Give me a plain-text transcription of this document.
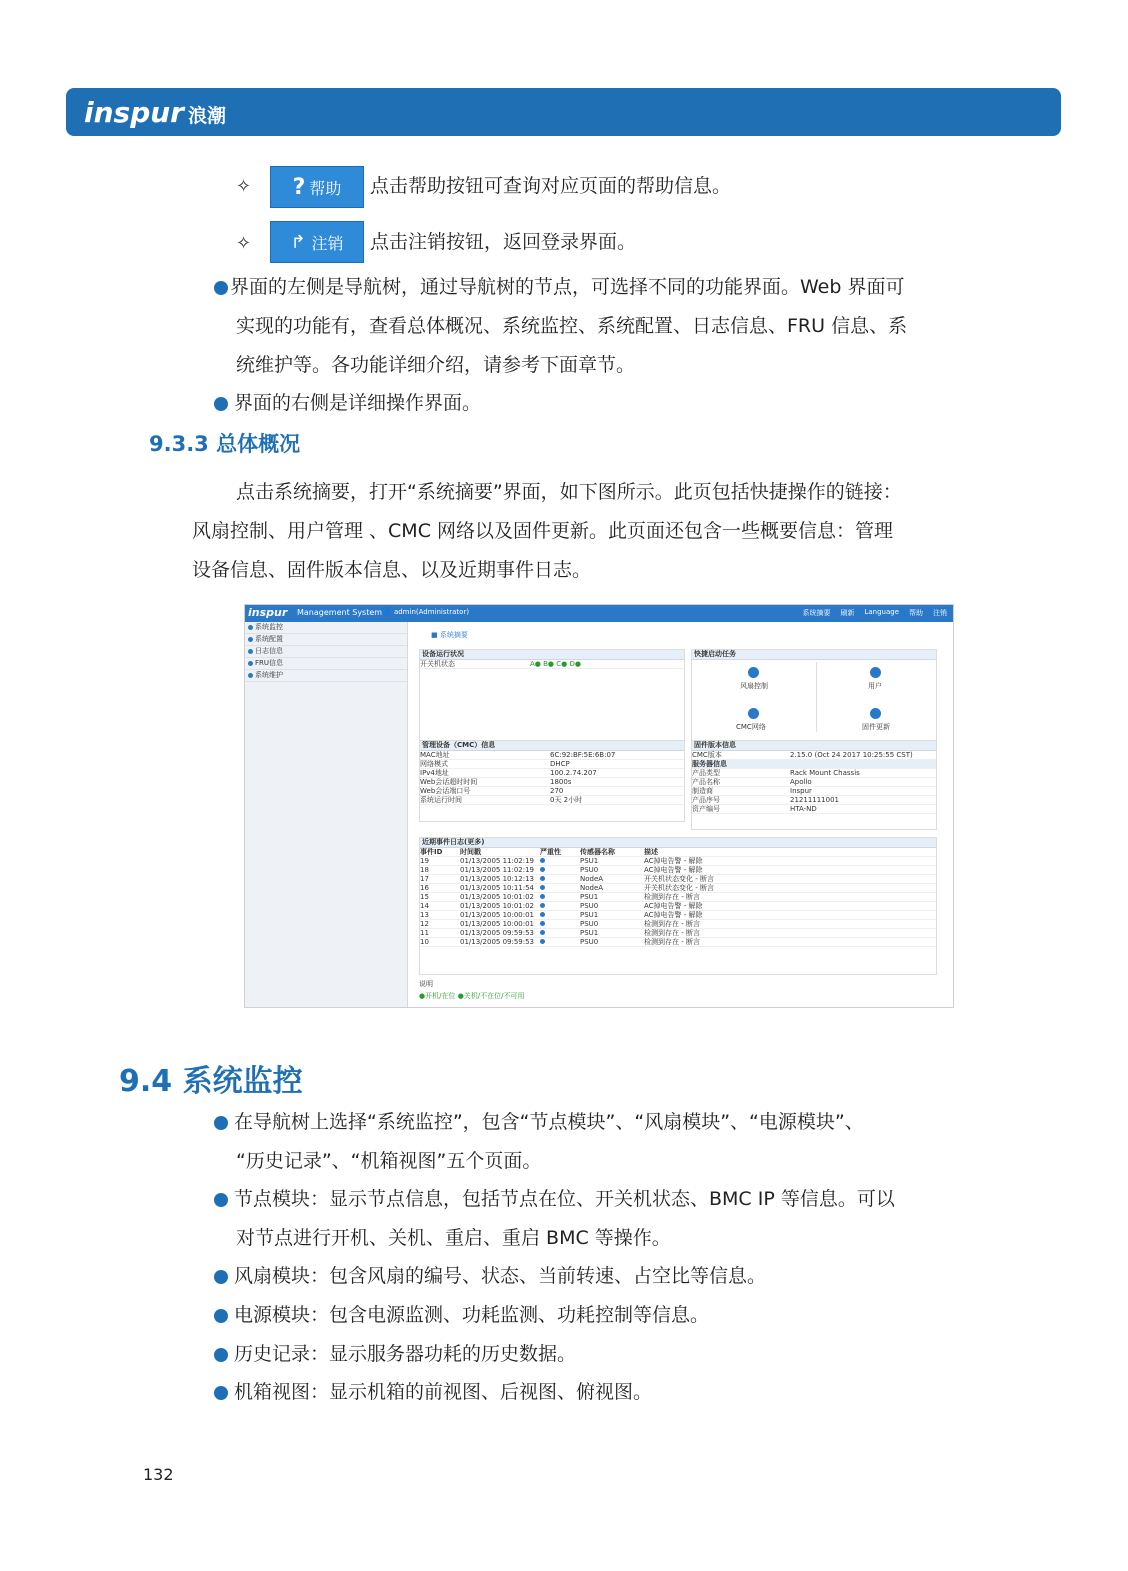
inspur 浪潮
✧ ? 帮助 点击帮助按钮可查询对应页面的帮助信息。
✧ ↱ 注销 点击注销按钮，返回登录界面。
界面的左侧是导航树，通过导航树的节点，可选择不同的功能界面。Web 界面可
实现的功能有，查看总体概况、系统监控、系统配置、日志信息、FRU 信息、系
统维护等。各功能详细介绍，请参考下面章节。
界面的右侧是详细操作界面。
9.3.3 总体概况
点击系统摘要，打开“系统摘要”界面，如下图所示。此页包括快捷操作的链接：
风扇控制、用户管理 、CMC 网络以及固件更新。此页面还包含一些概要信息：管理
设备信息、固件版本信息、以及近期事件日志。
inspur Management System 👤 admin(Administrator)	系统摘要 刷新 Language 帮助 注销
系统监控
系统配置
日志信息
FRU信息
系统维护
■ 系统摘要
设备运行状况
开关机状态	A● B● C● D●
快捷启动任务
风扇控制	用户
CMC网络	固件更新
管理设备（CMC）信息
MAC地址	6C:92:BF:5E:6B:07
网络模式	DHCP
IPv4地址	100.2.74.207
Web会话超时时间	1800s
Web会话端口号	270
系统运行时间	0天 2小时
固件版本信息
CMC版本	2.15.0 (Oct 24 2017 10:25:55 CST)
服务器信息
产品类型	Rack Mount Chassis
产品名称	Apollo
制造商	Inspur
产品序号	21211111001
资产编号	HTA-ND
近期事件日志(更多)
事件ID	时间戳	严重性	传感器名称	描述
19	01/13/2005 11:02:19	PSU1	AC掉电告警 - 解除
18	01/13/2005 11:02:19	PSU0	AC掉电告警 - 解除
17	01/13/2005 10:12:13	NodeA	开关机状态变化 - 断言
16	01/13/2005 10:11:54	NodeA	开关机状态变化 - 断言
15	01/13/2005 10:01:02	PSU1	检测到存在 - 断言
14	01/13/2005 10:01:02	PSU0	AC掉电告警 - 解除
13	01/13/2005 10:00:01	PSU1	AC掉电告警 - 解除
12	01/13/2005 10:00:01	PSU0	检测到存在 - 断言
11	01/13/2005 09:59:53	PSU1	检测到存在 - 断言
10	01/13/2005 09:59:53	PSU0	检测到存在 - 断言
说明
●开机/在位 ●关机/不在位/不可用
9.4 系统监控
在导航树上选择“系统监控”，包含“节点模块”、“风扇模块”、“电源模块”、
“历史记录”、“机箱视图”五个页面。
节点模块：显示节点信息，包括节点在位、开关机状态、BMC IP 等信息。可以
对节点进行开机、关机、重启、重启 BMC 等操作。
风扇模块：包含风扇的编号、状态、当前转速、占空比等信息。
电源模块：包含电源监测、功耗监测、功耗控制等信息。
历史记录：显示服务器功耗的历史数据。
机箱视图：显示机箱的前视图、后视图、俯视图。
132
